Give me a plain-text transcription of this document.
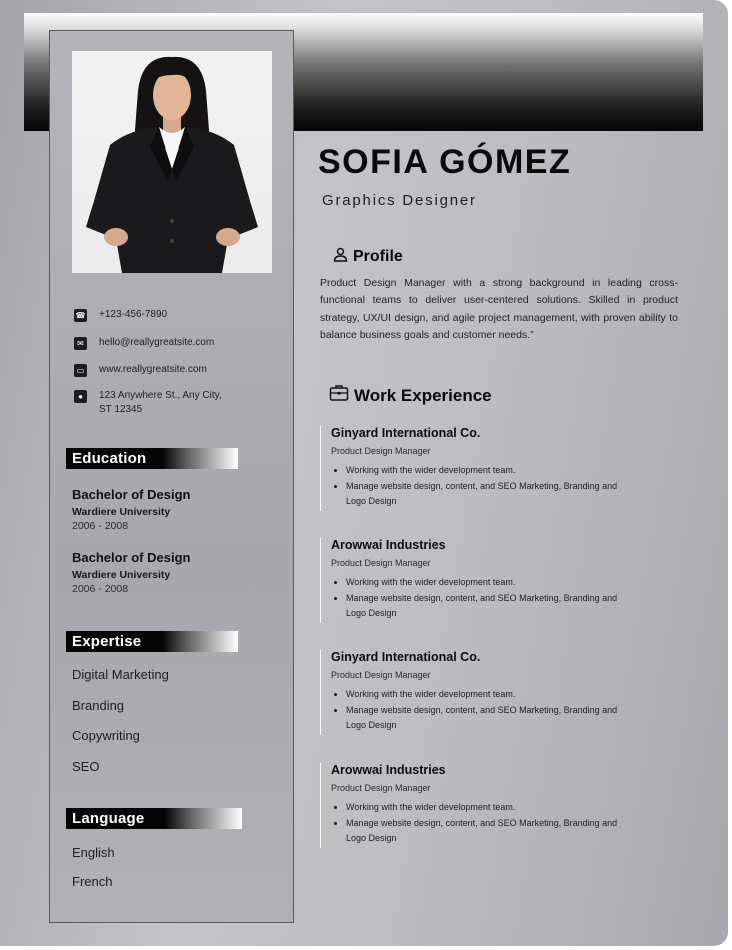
☎ +123-456-7890
✉	hello@reallygreatsite.com
▭ www.reallygreatsite.com
●	123 Anywhere St., Any City, ST 12345
Education
Bachelor of Design
Wardiere University
2006 - 2008
Bachelor of Design
Wardiere University
2006 - 2008
Expertise
Digital Marketing
Branding
Copywriting
SEO
Language
English
French
SOFIA GÓMEZ
Graphics Designer
Profile
Product Design Manager with a strong background in leading cross-functional teams to deliver user-centered solutions. Skilled in product strategy, UX/UI design, and agile project management, with proven ability to balance business goals and customer needs.”
Work Experience
Ginyard International Co.
Product Design Manager
• Working with the wider development team.
• Manage website design, content, and SEO Marketing, Branding and Logo Design
Arowwai Industries
Product Design Manager
• Working with the wider development team.
• Manage website design, content, and SEO Marketing, Branding and Logo Design
Ginyard International Co.
Product Design Manager
• Working with the wider development team.
• Manage website design, content, and SEO Marketing, Branding and Logo Design
Arowwai Industries
Product Design Manager
• Working with the wider development team.
• Manage website design, content, and SEO Marketing, Branding and Logo Design
